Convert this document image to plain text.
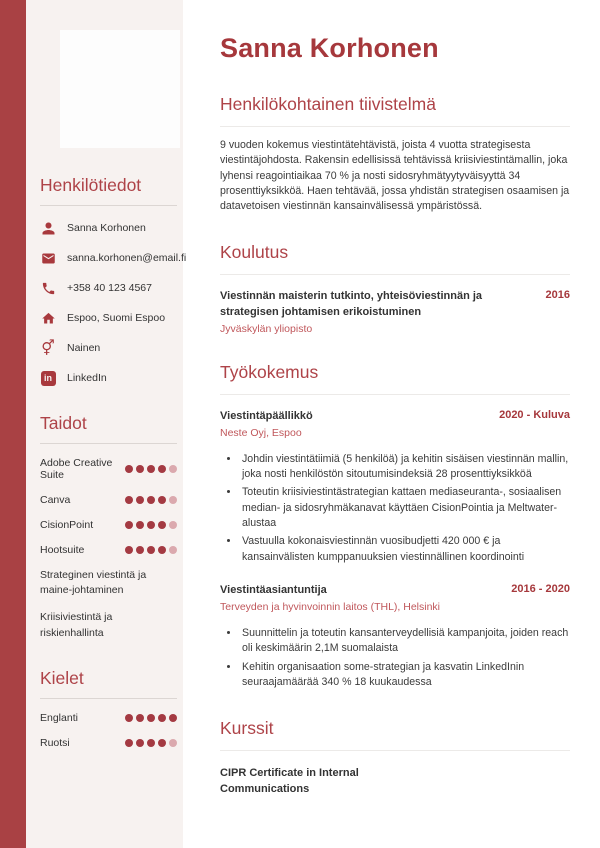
Henkilötiedot
Sanna Korhonen
sanna.korhonen@email.fi
+358 40 123 4567
Espoo, Suomi Espoo
⚥ Nainen
in	LinkedIn
Taidot
Adobe Creative Suite
Canva
CisionPoint
Hootsuite
Strateginen viestintä ja maine-johtaminen
Kriisiviestintä ja riskienhallinta
Kielet
Englanti
Ruotsi
Sanna Korhonen
Henkilökohtainen tiivistelmä

9 vuoden kokemus viestintätehtävistä, joista 4 vuotta strategisesta viestintäjohdosta. Rakensin edellisissä tehtävissä kriisiviestintämallin, joka lyhensi reagointiaikaa 70 % ja nosti sidosryhmätyytyväisyyttä 34 prosenttiyksikköä. Haen tehtävää, jossa yhdistän strategisen osaamisen ja datavetoisen viestinnän kansainvälisessä ympäristössä.

Koulutus
Viestinnän maisterin tutkinto, yhteisöviestinnän ja strategisen johtamisen erikoistuminen
2016
Jyväskylän yliopisto
Työkokemus
Viestintäpäällikkö	2020 - Kuluva
Neste Oyj, Espoo
• Johdin viestintätiimiä (5 henkilöä) ja kehitin sisäisen viestinnän mallin, joka nosti henkilöstön sitoutumisindeksiä 28 prosenttiyksikköä
• Toteutin kriisiviestintästrategian kattaen mediaseuranta-, sosiaalisen median- ja sidosryhmäkanavat käyttäen CisionPointia ja Meltwater-alustaa
• Vastuulla kokonaisviestinnän vuosibudjetti 420 000 € ja kansainvälisten kumppanuuksien viestinnällinen koordinointi
Viestintäasiantuntija	2016 - 2020
Terveyden ja hyvinvoinnin laitos (THL), Helsinki
• Suunnittelin ja toteutin kansanterveydellisiä kampanjoita, joiden reach oli keskimäärin 2,1M suomalaista
• Kehitin organisaation some-strategian ja kasvatin LinkedInin seuraajamäärää 340 % 18 kuukaudessa
Kurssit
CIPR Certificate in Internal Communications
